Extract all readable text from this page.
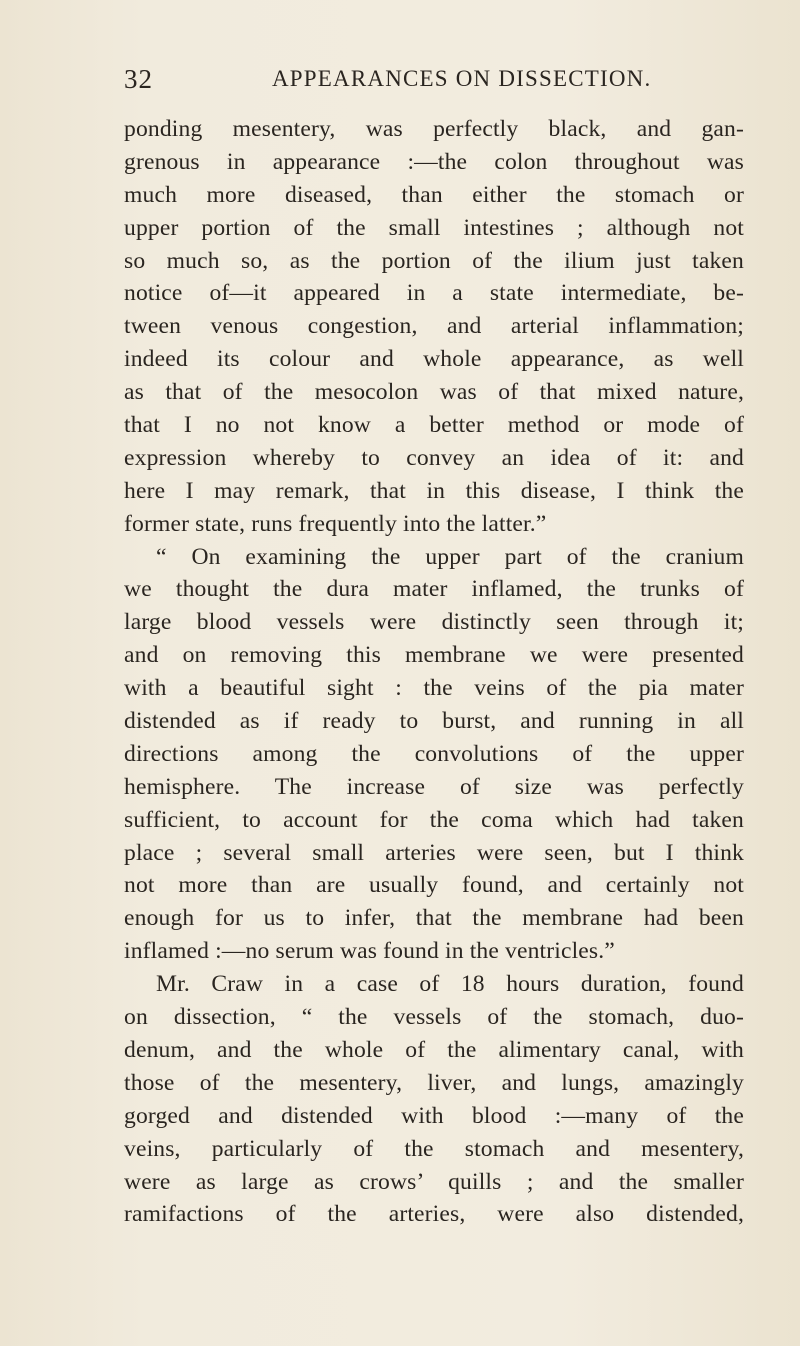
32	APPEARANCES ON DISSECTION.
ponding mesentery, was perfectly black, and gan-
grenous in appearance :—the colon throughout was
much more diseased, than either the stomach or
upper portion of the small intestines ; although not
so much so, as the portion of the ilium just taken
notice of—it appeared in a state intermediate, be-
tween venous congestion, and arterial inflammation;
indeed its colour and whole appearance, as well
as that of the mesocolon was of that mixed nature,
that I no not know a better method or mode of
expression whereby to convey an idea of it: and
here I may remark, that in this disease, I think the
former state, runs frequently into the latter.”
“ On examining the upper part of the cranium
we thought the dura mater inflamed, the trunks of
large blood vessels were distinctly seen through it;
and on removing this membrane we were presented
with a beautiful sight : the veins of the pia mater
distended as if ready to burst, and running in all
directions among the convolutions of the upper
hemisphere. The increase of size was perfectly
sufficient, to account for the coma which had taken
place ; several small arteries were seen, but I think
not more than are usually found, and certainly not
enough for us to infer, that the membrane had been
inflamed :—no serum was found in the ventricles.”
Mr. Craw in a case of 18 hours duration, found
on dissection, “ the vessels of the stomach, duo-
denum, and the whole of the alimentary canal, with
those of the mesentery, liver, and lungs, amazingly
gorged and distended with blood :—many of the
veins, particularly of the stomach and mesentery,
were as large as crows’ quills ; and the smaller
ramifactions of the arteries, were also distended,
